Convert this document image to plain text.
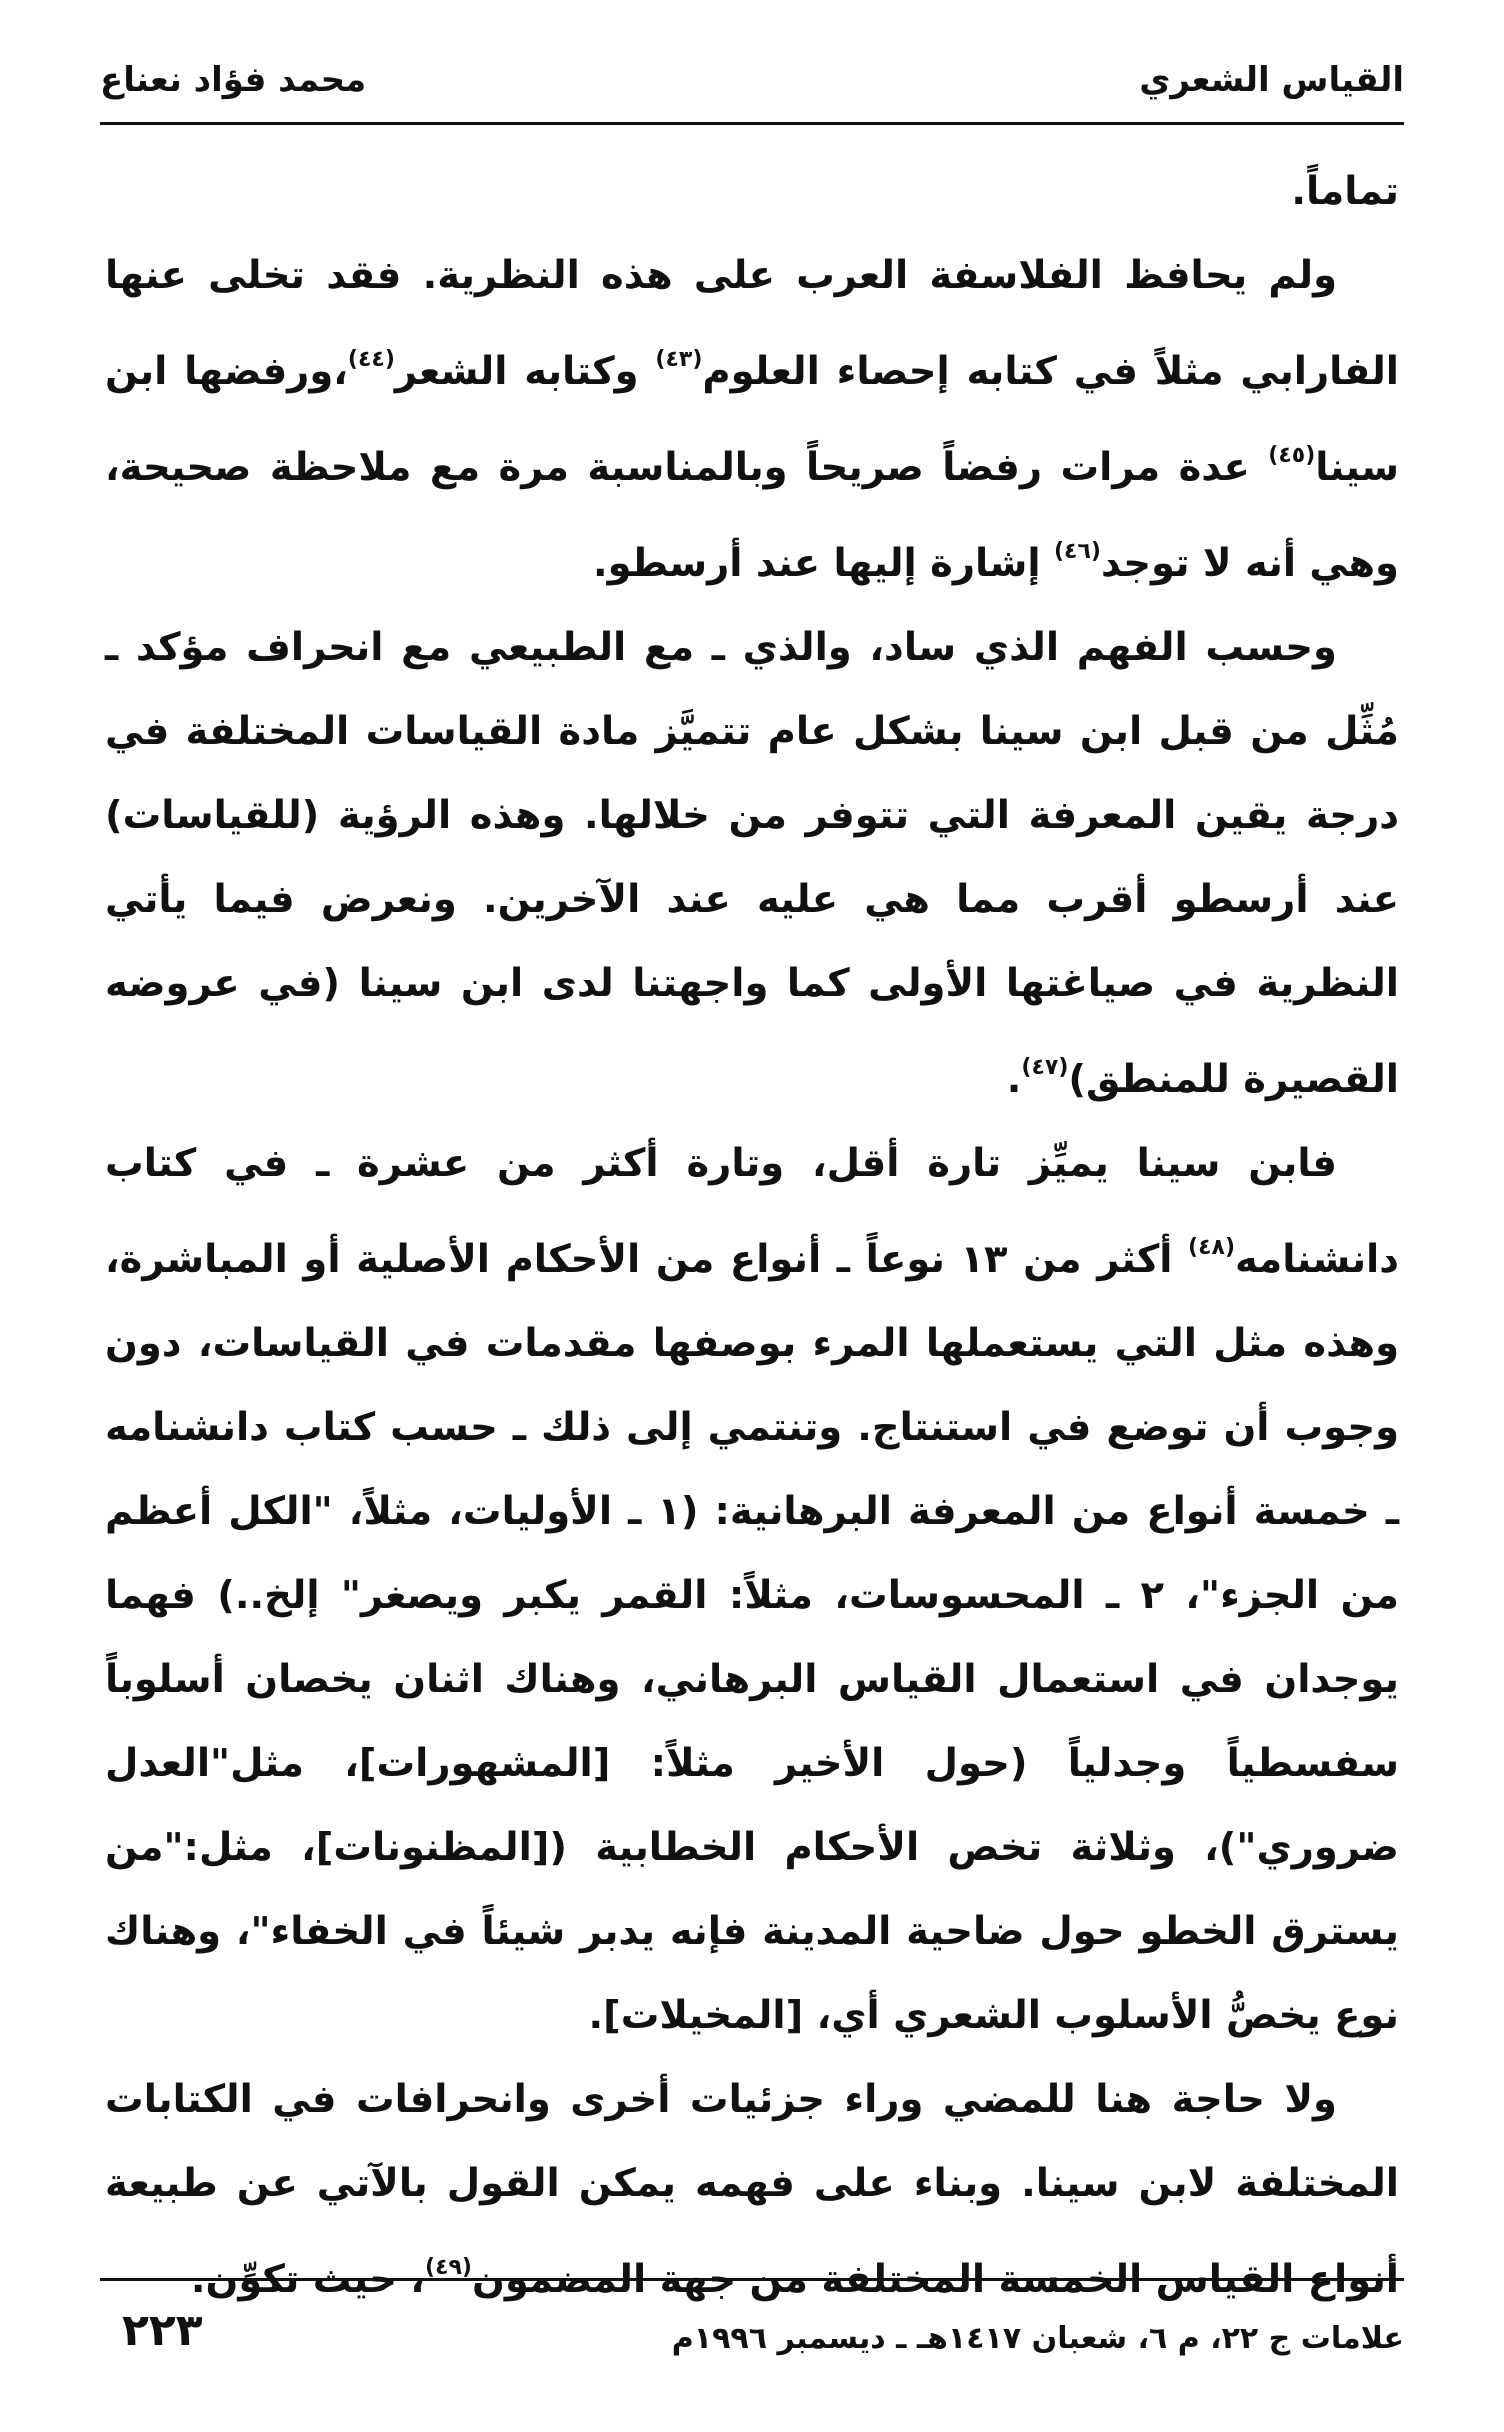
القياس الشعري
محمد فؤاد نعناع

تماماً.

ولم يحافظ الفلاسفة العرب على هذه النظرية. فقد تخلى عنها الفارابي مثلاً في كتابه إحصاء العلوم$^{(٤٣)}$ وكتابه الشعر$^{(٤٤)}$،ورفضها ابن سينا$^{(٤٥)}$ عدة مرات رفضاً صريحاً وبالمناسبة مرة مع ملاحظة صحيحة، وهي أنه لا توجد$^{(٤٦)}$ إشارة إليها عند أرسطو.

وحسب الفهم الذي ساد، والذي ـ مع الطبيعي مع انحراف مؤكد ـ مُثِّل من قبل ابن سينا بشكل عام تتميَّز مادة القياسات المختلفة في درجة يقين المعرفة التي تتوفر من خلالها. وهذه الرؤية (للقياسات) عند أرسطو أقرب مما هي عليه عند الآخرين. ونعرض فيما يأتي النظرية في صياغتها الأولى كما واجهتنا لدى ابن سينا (في عروضه القصيرة للمنطق)$^{(٤٧)}$.

فابن سينا يميِّز تارة أقل، وتارة أكثر من عشرة ـ في كتاب دانشنامه$^{(٤٨)}$ أكثر من ١٣ نوعاً ـ أنواع من الأحكام الأصلية أو المباشرة، وهذه مثل التي يستعملها المرء بوصفها مقدمات في القياسات، دون وجوب أن توضع في استنتاج. وتنتمي إلى ذلك ـ حسب كتاب دانشنامه ـ خمسة أنواع من المعرفة البرهانية: (١ ـ الأوليات، مثلاً، "الكل أعظم من الجزء"، ٢ ـ المحسوسات، مثلاً: القمر يكبر ويصغر" إلخ..) فهما يوجدان في استعمال القياس البرهاني، وهناك اثنان يخصان أسلوباً سفسطياً وجدلياً (حول الأخير مثلاً: [المشهورات]، مثل"العدل ضروري")، وثلاثة تخص الأحكام الخطابية ([المظنونات]، مثل:"من يسترق الخطو حول ضاحية المدينة فإنه يدبر شيئاً في الخفاء"، وهناك نوع يخصُّ الأسلوب الشعري أي، [المخيلات].

ولا حاجة هنا للمضي وراء جزئيات أخرى وانحرافات في الكتابات المختلفة لابن سينا. وبناء على فهمه يمكن القول بالآتي عن طبيعة أنواع القياس الخمسة المختلفة من جهة المضمون$^{(٤٩)}$، حيث تكوِّن.

علامات ج ٢٢، م ٦، شعبان ١٤١٧هـ ـ ديسمبر ١٩٩٦م
٢٢٣
